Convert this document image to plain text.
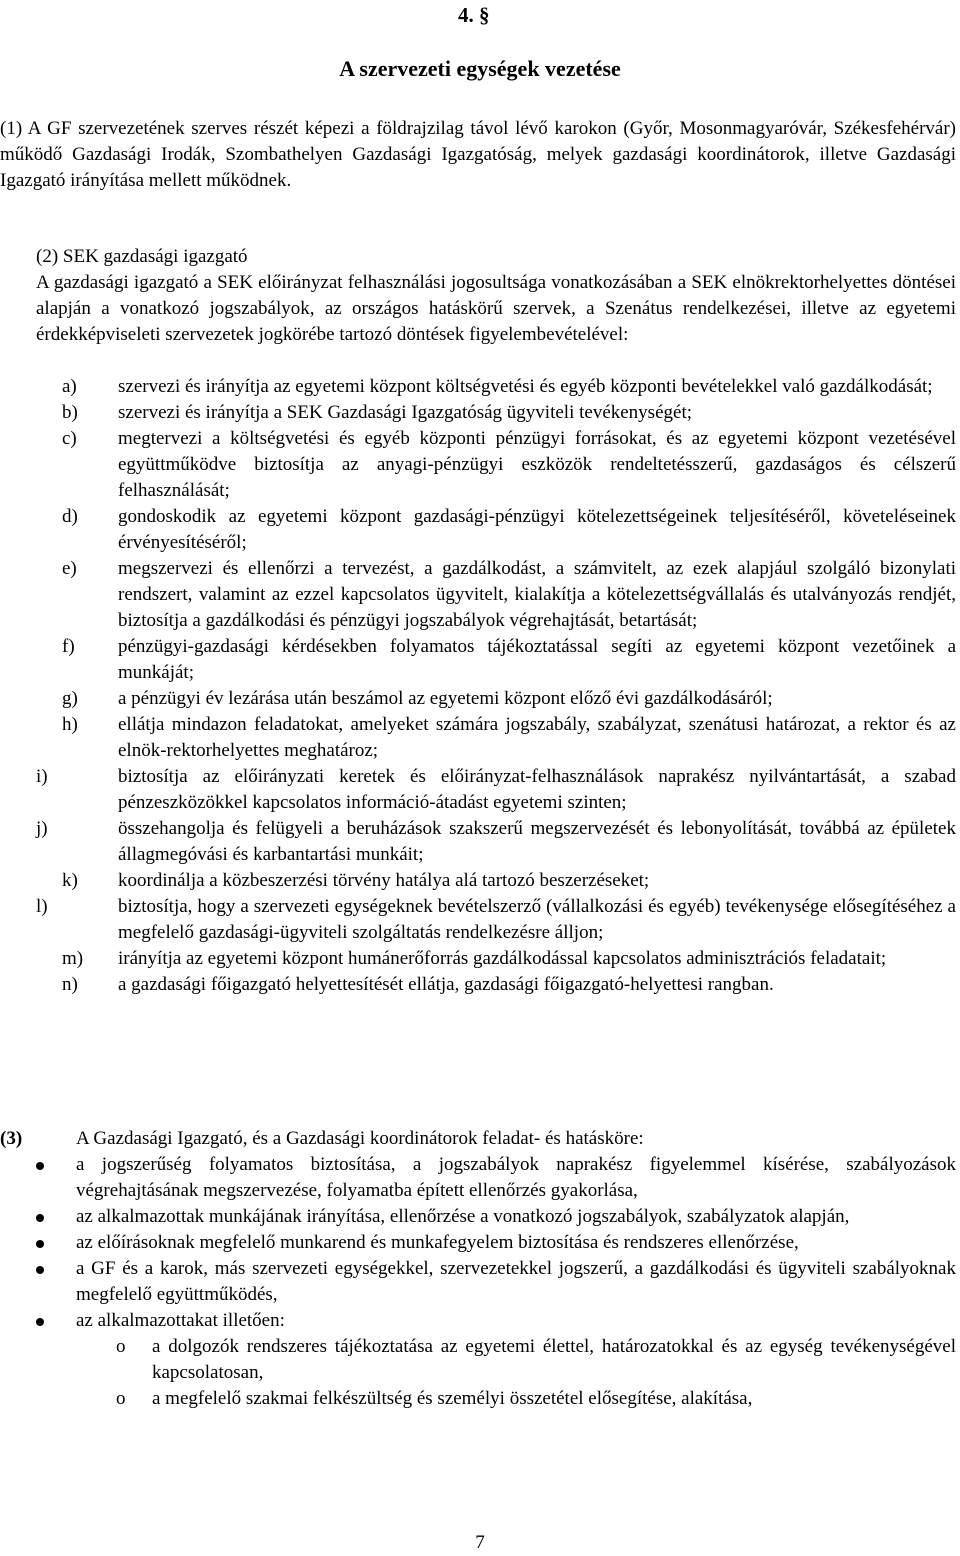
4. §
A szervezeti egységek vezetése
(1) A GF szervezetének szerves részét képezi a földrajzilag távol lévő karokon (Győr, Mosonmagyaróvár, Székesfehérvár) működő Gazdasági Irodák, Szombathelyen Gazdasági Igazgatóság, melyek gazdasági koordinátorok, illetve Gazdasági Igazgató irányítása mellett működnek.
(2) SEK gazdasági igazgató
A gazdasági igazgató a SEK előirányzat felhasználási jogosultsága vonatkozásában a SEK elnökrektorhelyettes döntései alapján a vonatkozó jogszabályok, az országos hatáskörű szervek, a Szenátus rendelkezései, illetve az egyetemi érdekképviseleti szervezetek jogkörébe tartozó döntések figyelembevételével:
a) szervezi és irányítja az egyetemi központ költségvetési és egyéb központi bevételekkel való gazdálkodását;
b) szervezi és irányítja a SEK Gazdasági Igazgatóság ügyviteli tevékenységét;
c) megtervezi a költségvetési és egyéb központi pénzügyi forrásokat, és az egyetemi központ vezetésével együttműködve biztosítja az anyagi-pénzügyi eszközök rendeltetésszerű, gazdaságos és célszerű felhasználását;
d) gondoskodik az egyetemi központ gazdasági-pénzügyi kötelezettségeinek teljesítéséről, követeléseinek érvényesítéséről;
e) megszervezi és ellenőrzi a tervezést, a gazdálkodást, a számvitelt, az ezek alapjául szolgáló bizonylati rendszert, valamint az ezzel kapcsolatos ügyvitelt, kialakítja a kötelezettségvállalás és utalványozás rendjét, biztosítja a gazdálkodási és pénzügyi jogszabályok végrehajtását, betartását;
f) pénzügyi-gazdasági kérdésekben folyamatos tájékoztatással segíti az egyetemi központ vezetőinek a munkáját;
g) a pénzügyi év lezárása után beszámol az egyetemi központ előző évi gazdálkodásáról;
h) ellátja mindazon feladatokat, amelyeket számára jogszabály, szabályzat, szenátusi határozat, a rektor és az elnök-rektorhelyettes meghatároz;
i)	biztosítja az előirányzati keretek és előirányzat-felhasználások naprakész nyilvántartását, a szabad pénzeszközökkel kapcsolatos információ-átadást egyetemi szinten;
j)	összehangolja és felügyeli a beruházások szakszerű megszervezését és lebonyolítását, továbbá az épületek állagmegóvási és karbantartási munkáit;
k) koordinálja a közbeszerzési törvény hatálya alá tartozó beszerzéseket;
l)	biztosítja, hogy a szervezeti egységeknek bevételszerző (vállalkozási és egyéb) tevékenysége elősegítéséhez a megfelelő gazdasági-ügyviteli szolgáltatás rendelkezésre álljon;
m) irányítja az egyetemi központ humánerőforrás gazdálkodással kapcsolatos adminisztrációs feladatait;
n) a gazdasági főigazgató helyettesítését ellátja, gazdasági főigazgató-helyettesi rangban.
(3)	A Gazdasági Igazgató, és a Gazdasági koordinátorok feladat- és hatásköre:
a jogszerűség folyamatos biztosítása, a jogszabályok naprakész figyelemmel kísérése, szabályozások végrehajtásának megszervezése, folyamatba épített ellenőrzés gyakorlása,
az alkalmazottak munkájának irányítása, ellenőrzése a vonatkozó jogszabályok, szabályzatok alapján,
az előírásoknak megfelelő munkarend és munkafegyelem biztosítása és rendszeres ellenőrzése,
a GF és a karok, más szervezeti egységekkel, szervezetekkel jogszerű, a gazdálkodási és ügyviteli szabályoknak megfelelő együttműködés,
az alkalmazottakat illetően:
o a dolgozók rendszeres tájékoztatása az egyetemi élettel, határozatokkal és az egység tevékenységével kapcsolatosan,
o a megfelelő szakmai felkészültség és személyi összetétel elősegítése, alakítása,
7
